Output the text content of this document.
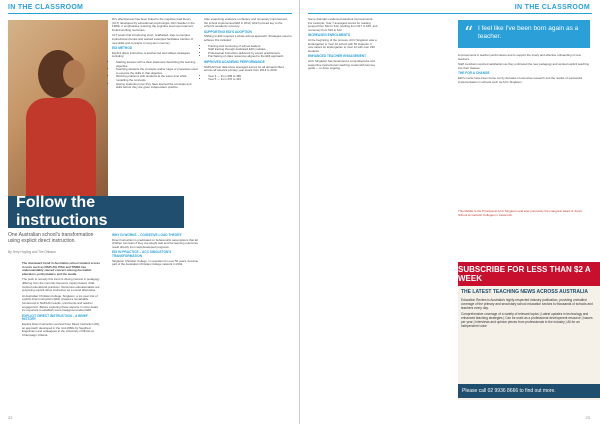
IN THE CLASSROOM

DI's effectiveness has been linked to the cognitive load theory (CLT) developed by educational psychologist John Sweller in the 1980s. It emphasises reducing the cognitive load upon learners' limited working memories.

CLT posits that introducing short, scaffolded, step-to-complex instructional chunks and worked examples facilitates transfer of new skills and concepts to long-term memory.

EDI METHOD

Explicit direct instruction is teacher-led and utilises strategies including:

• Starting lessons with a clear statement describing the learning objective.
• Teaching students the concepts and/or steps or processes used to execute the skills in that objective.
• Working problems with students at the same time while modelling the concepts.
• Having students prove they have learned the concepts and skills before they are given independent practice.

After examining evidence on literacy and numeracy improvement, the school implemented EDI in 2013, which proved key to the school's academic recovery.

SUPPORTING EDI'S ADOPTION

Shifting to EDI required a whole-school approach. Strategies used to achieve this included:

• Training and mentoring of school leaders.
• Staff training through dedicated EDI modules.
• Professional instruction delivered by expert practitioners.
• Purchasing of class resources aligned to the EDI approach.
IMPROVED ACADEMIC PERFORMANCE

NAPLAN test data show averaged scores for all domains lifted across all relevant primary year levels from 2013 to 2019.

• Year 3 — from 399 to 486
• Year 5 — from 470 to 491
Follow the instructions
One Australian school's transformation using explicit direct instruction.
By Terry Hoyling and Tim Ohlsson

The downward trend in Australian school student scores in tests such as NAPLAN, PISA and TIMSS has understandably caused concern among Australian educators, policymakers and the media.

The push to remedy this trend is driving interest in pedagogy differing from the currently favoured, inquiry-based, child-centred educational practices. Numerous educationalists are proposing explicit direct instruction as a sound alternative.

At Australian Christian College, Singleton, a six-year trial of explicit direct instruction (EDI) created a remarkable turnaround in NAPLAN results, enrolments and teacher engagement. Before exploring these aspects in more detail, it's important to establish some background about EDI.

EXPLICIT DIRECT INSTRUCTION – A BRIEF HISTORY

Explicit Direct Instruction evolved from Direct Instruction (DI), an approach developed in the mid-1960s by Siegfried Engelmann and colleagues at the University of Illinois at Champaign-Urbana.

WHY DI WORKS – COGNITIVE LOAD THEORY

Direct Instruction is predicated on behaviourist assumptions that all children can learn if they are taught well and the learning outcomes result directly from well-developed programs.

EDI IN PRACTICE – ACC SINGLETON'S TRANSFORMATION

Singleton Christian College, in operation for over 50 years, became part of the Australian Christian College network in 2011.

22
IN THE CLASSROOM

Some dramatic evidenced standout improvements. For example, Year 7 averaged scores for reading jumped from 542 to 612, spelling from 517 to 646, and numeracy from 519 to 612.

INCREASED ENROLMENTS

At the beginning of the process, ACC Singleton was a kindergarten to Year 10 school with 50 students. It now caters for kindergarten to Year 12 with over 230 students.

ENHANCED TEACHER ENGAGEMENT

ACC Singleton has developed a comprehensive and supportive instructional coaching model with two key goals — to drive ongoing

“ I feel like I've been born again as a teacher.

improvements in teacher performance and to support the timely and effective onboarding of new teachers.

Staff members reported satisfaction as they embraced the new pedagogy and worked explicit teaching into their classes.

THE FOR A CHANGE

EDI's merits have been borne out by decades of extensive research and the results of successful implementation in schools such as ACC Singleton.

This Middle is the Principal at ACC Singleton and was previously the inaugural Head of Junior School at Catholic Colleges in Cessnock.
SUBSCRIBE FOR LESS THAN $2 A WEEK
THE LATEST TEACHING NEWS ACROSS AUSTRALIA
Education Review is Australia's highly-respected industry publication, providing unrivalled coverage of the primary and secondary school education sectors to thousands of schools and teachers every day.
Comprehensive coverage of a variety of relevant topics | Latest updates in technology and enhanced teaching strategies | Can be used as a professional development resource | Issues per year | Interviews and opinion pieces from professionals in the industry | All for an independent voice
Please call 02 9936 8666 to find out more.
23
